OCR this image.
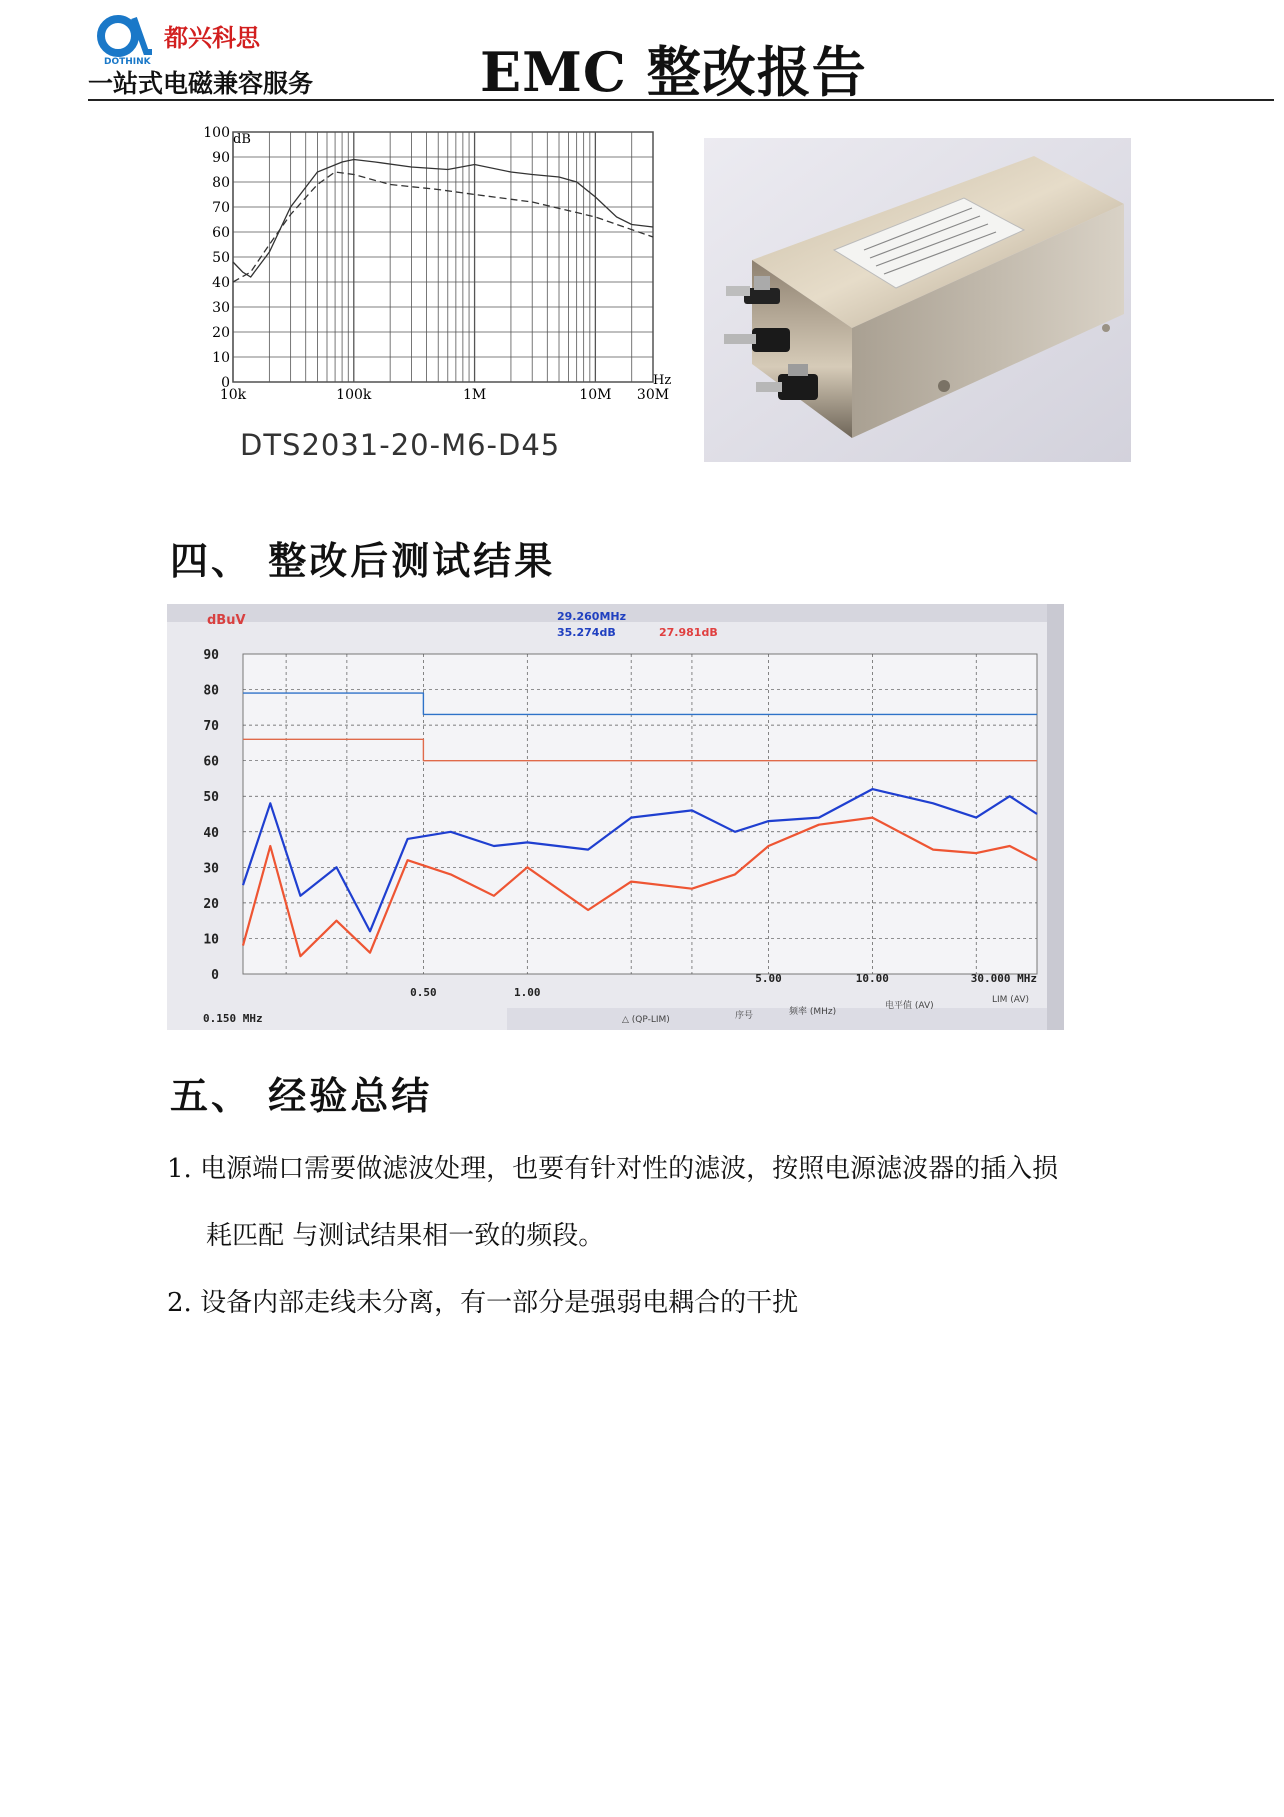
DOTHINK
都兴科思
一站式电磁兼容服务	EMC 整改报告
0
10
20
30
40
50
60
70
80
90
100
10k	100k	1M	10M 30M
dB
Hz
DTS2031-20-M6-D45
四、 整改后测试结果
dBuV	29.260MHz
35.274dB	27.981dB
0
10
20
30
40
50
60
70
80
90
0.150 MHz
0.50	1.00
5.00	10.00	30.000 MHz
△ (QP-LIM)	序号	频率 (MHz)
电平值 (AV)
LIM (AV)
五、 经验总结
1. 电源端口需要做滤波处理，也要有针对性的滤波，按照电源滤波器的插入损
耗匹配 与测试结果相一致的频段。
2. 设备内部走线未分离，有一部分是强弱电耦合的干扰
